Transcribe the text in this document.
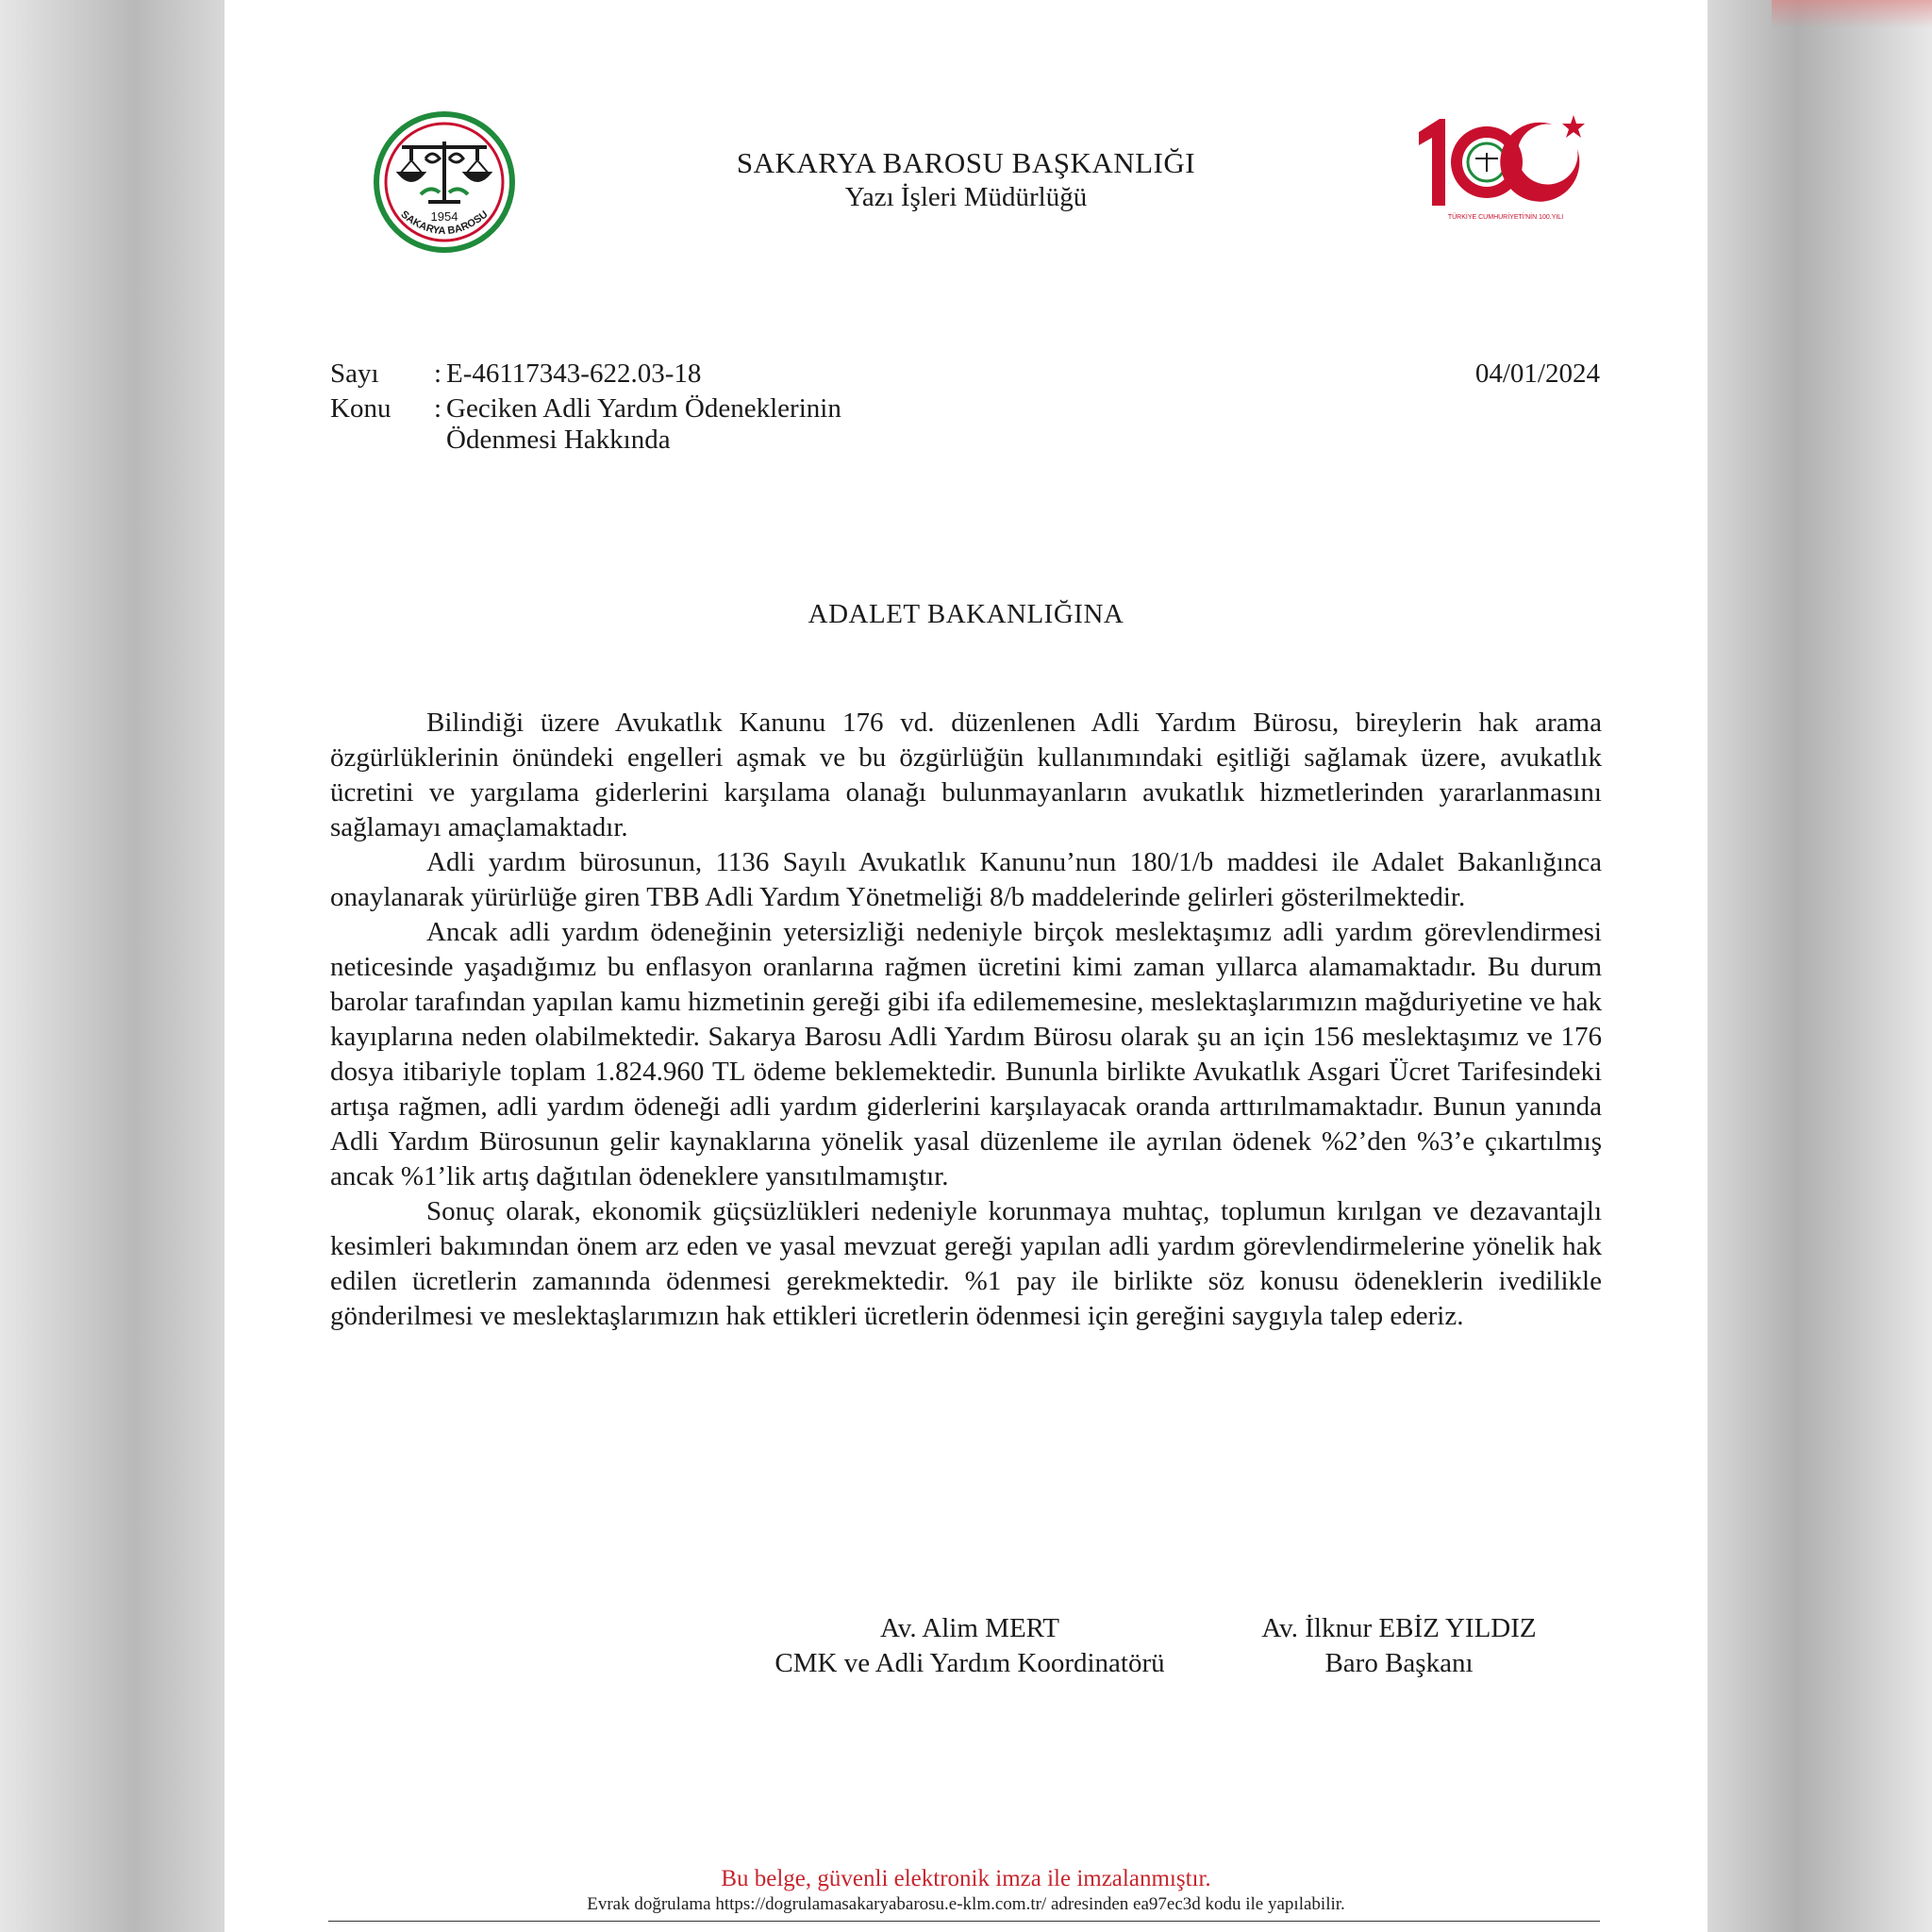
1954
SAKARYA BAROSU
SAKARYA BAROSU BAŞKANLIĞI
Yazı İşleri Müdürlüğü
TÜRKİYE CUMHURİYETİ'NİN 100.YILI
Sayı : E-46117343-622.03-18	04/01/2024
Konu : Geciken Adli Yardım Ödeneklerinin
Ödenmesi Hakkında
ADALET BAKANLIĞINA

Bilindiği üzere Avukatlık Kanunu 176 vd. düzenlenen Adli Yardım Bürosu, bireylerin hak arama özgürlüklerinin önündeki engelleri aşmak ve bu özgürlüğün kullanımındaki eşitliği sağlamak üzere, avukatlık ücretini ve yargılama giderlerini karşılama olanağı bulunmayanların avukatlık hizmetlerinden yararlanmasını sağlamayı amaçlamaktadır.

Adli yardım bürosunun, 1136 Sayılı Avukatlık Kanunu’nun 180/1/b maddesi ile Adalet Bakanlığınca onaylanarak yürürlüğe giren TBB Adli Yardım Yönetmeliği 8/b maddelerinde gelirleri gösterilmektedir.

Ancak adli yardım ödeneğinin yetersizliği nedeniyle birçok meslektaşımız adli yardım görevlendirmesi neticesinde yaşadığımız bu enflasyon oranlarına rağmen ücretini kimi zaman yıllarca alamamaktadır. Bu durum barolar tarafından yapılan kamu hizmetinin gereği gibi ifa edilememesine, meslektaşlarımızın mağduriyetine ve hak kayıplarına neden olabilmektedir. Sakarya Barosu Adli Yardım Bürosu olarak şu an için 156 meslektaşımız ve 176 dosya itibariyle toplam 1.824.960 TL ödeme beklemektedir. Bununla birlikte Avukatlık Asgari Ücret Tarifesindeki artışa rağmen, adli yardım ödeneği adli yardım giderlerini karşılayacak oranda arttırılmamaktadır. Bunun yanında Adli Yardım Bürosunun gelir kaynaklarına yönelik yasal düzenleme ile ayrılan ödenek %2’den %3’e çıkartılmış ancak %1’lik artış dağıtılan ödeneklere yansıtılmamıştır.

Sonuç olarak, ekonomik güçsüzlükleri nedeniyle korunmaya muhtaç, toplumun kırılgan ve dezavantajlı kesimleri bakımından önem arz eden ve yasal mevzuat gereği yapılan adli yardım görevlendirmelerine yönelik hak edilen ücretlerin zamanında ödenmesi gerekmektedir. %1 pay ile birlikte söz konusu ödeneklerin ivedilikle gönderilmesi ve meslektaşlarımızın hak ettikleri ücretlerin ödenmesi için gereğini saygıyla talep ederiz.

Av. Alim MERT
CMK ve Adli Yardım Koordinatörü
Av. İlknur EBİZ YILDIZ
Baro Başkanı
Bu belge, güvenli elektronik imza ile imzalanmıştır.
Evrak doğrulama https://dogrulamasakaryabarosu.e-klm.com.tr/ adresinden ea97ec3d kodu ile yapılabilir.
